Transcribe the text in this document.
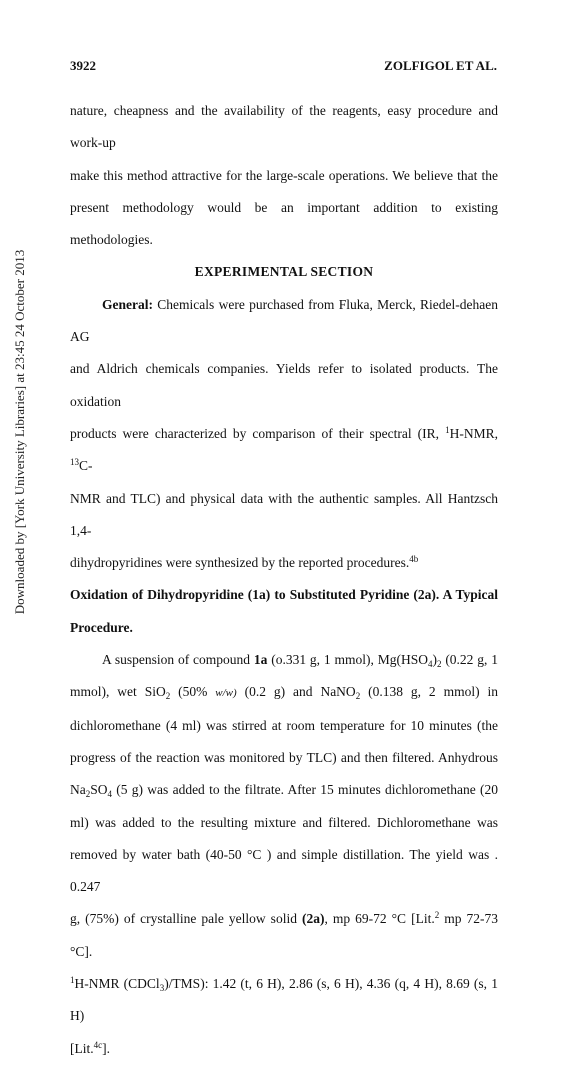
Downloaded by [York University Libraries] at 23:45 24 October 2013
3922	ZOLFIGOL ET AL.

nature, cheapness and the availability of the reagents, easy procedure and work-up

make this method attractive for the large-scale operations. We believe that the

present methodology would be an important addition to existing methodologies.

EXPERIMENTAL SECTION

General: Chemicals were purchased from Fluka, Merck, Riedel-dehaen AG

and Aldrich chemicals companies. Yields refer to isolated products. The oxidation

products were characterized by comparison of their spectral (IR, $^1$H-NMR, $^{13}$C-

NMR and TLC) and physical data with the authentic samples. All Hantzsch 1,4-

dihydropyridines were synthesized by the reported procedures.$^{4b}$

Oxidation of Dihydropyridine (1a) to Substituted Pyridine (2a). A Typical

Procedure.

A suspension of compound 1a (o.331 g, 1 mmol), $Mg(HSO_4)_2$ (0.22 g, 1

mmol), wet SiO$_2$ (50% w/w) (0.2 g) and NaNO$_2$ (0.138 g, 2 mmol) in

dichloromethane (4 ml) was stirred at room temperature for 10 minutes (the

progress of the reaction was monitored by TLC) and then filtered. Anhydrous

$Na_2SO_4$ (5 g) was added to the filtrate. After 15 minutes dichloromethane (20

ml) was added to the resulting mixture and filtered. Dichloromethane was

removed by water bath (40-50 °C ) and simple distillation. The yield was . 0.247

g, (75%) of crystalline pale yellow solid (2a), mp 69-72 °C [Lit.$^2$ mp 72-73 °C].

$^1$H-NMR (CDCl$_3$)/TMS): 1.42 (t, 6 H), 2.86 (s, 6 H), 4.36 (q, 4 H), 8.69 (s, 1 H)

[Lit.$^{4c}$].
